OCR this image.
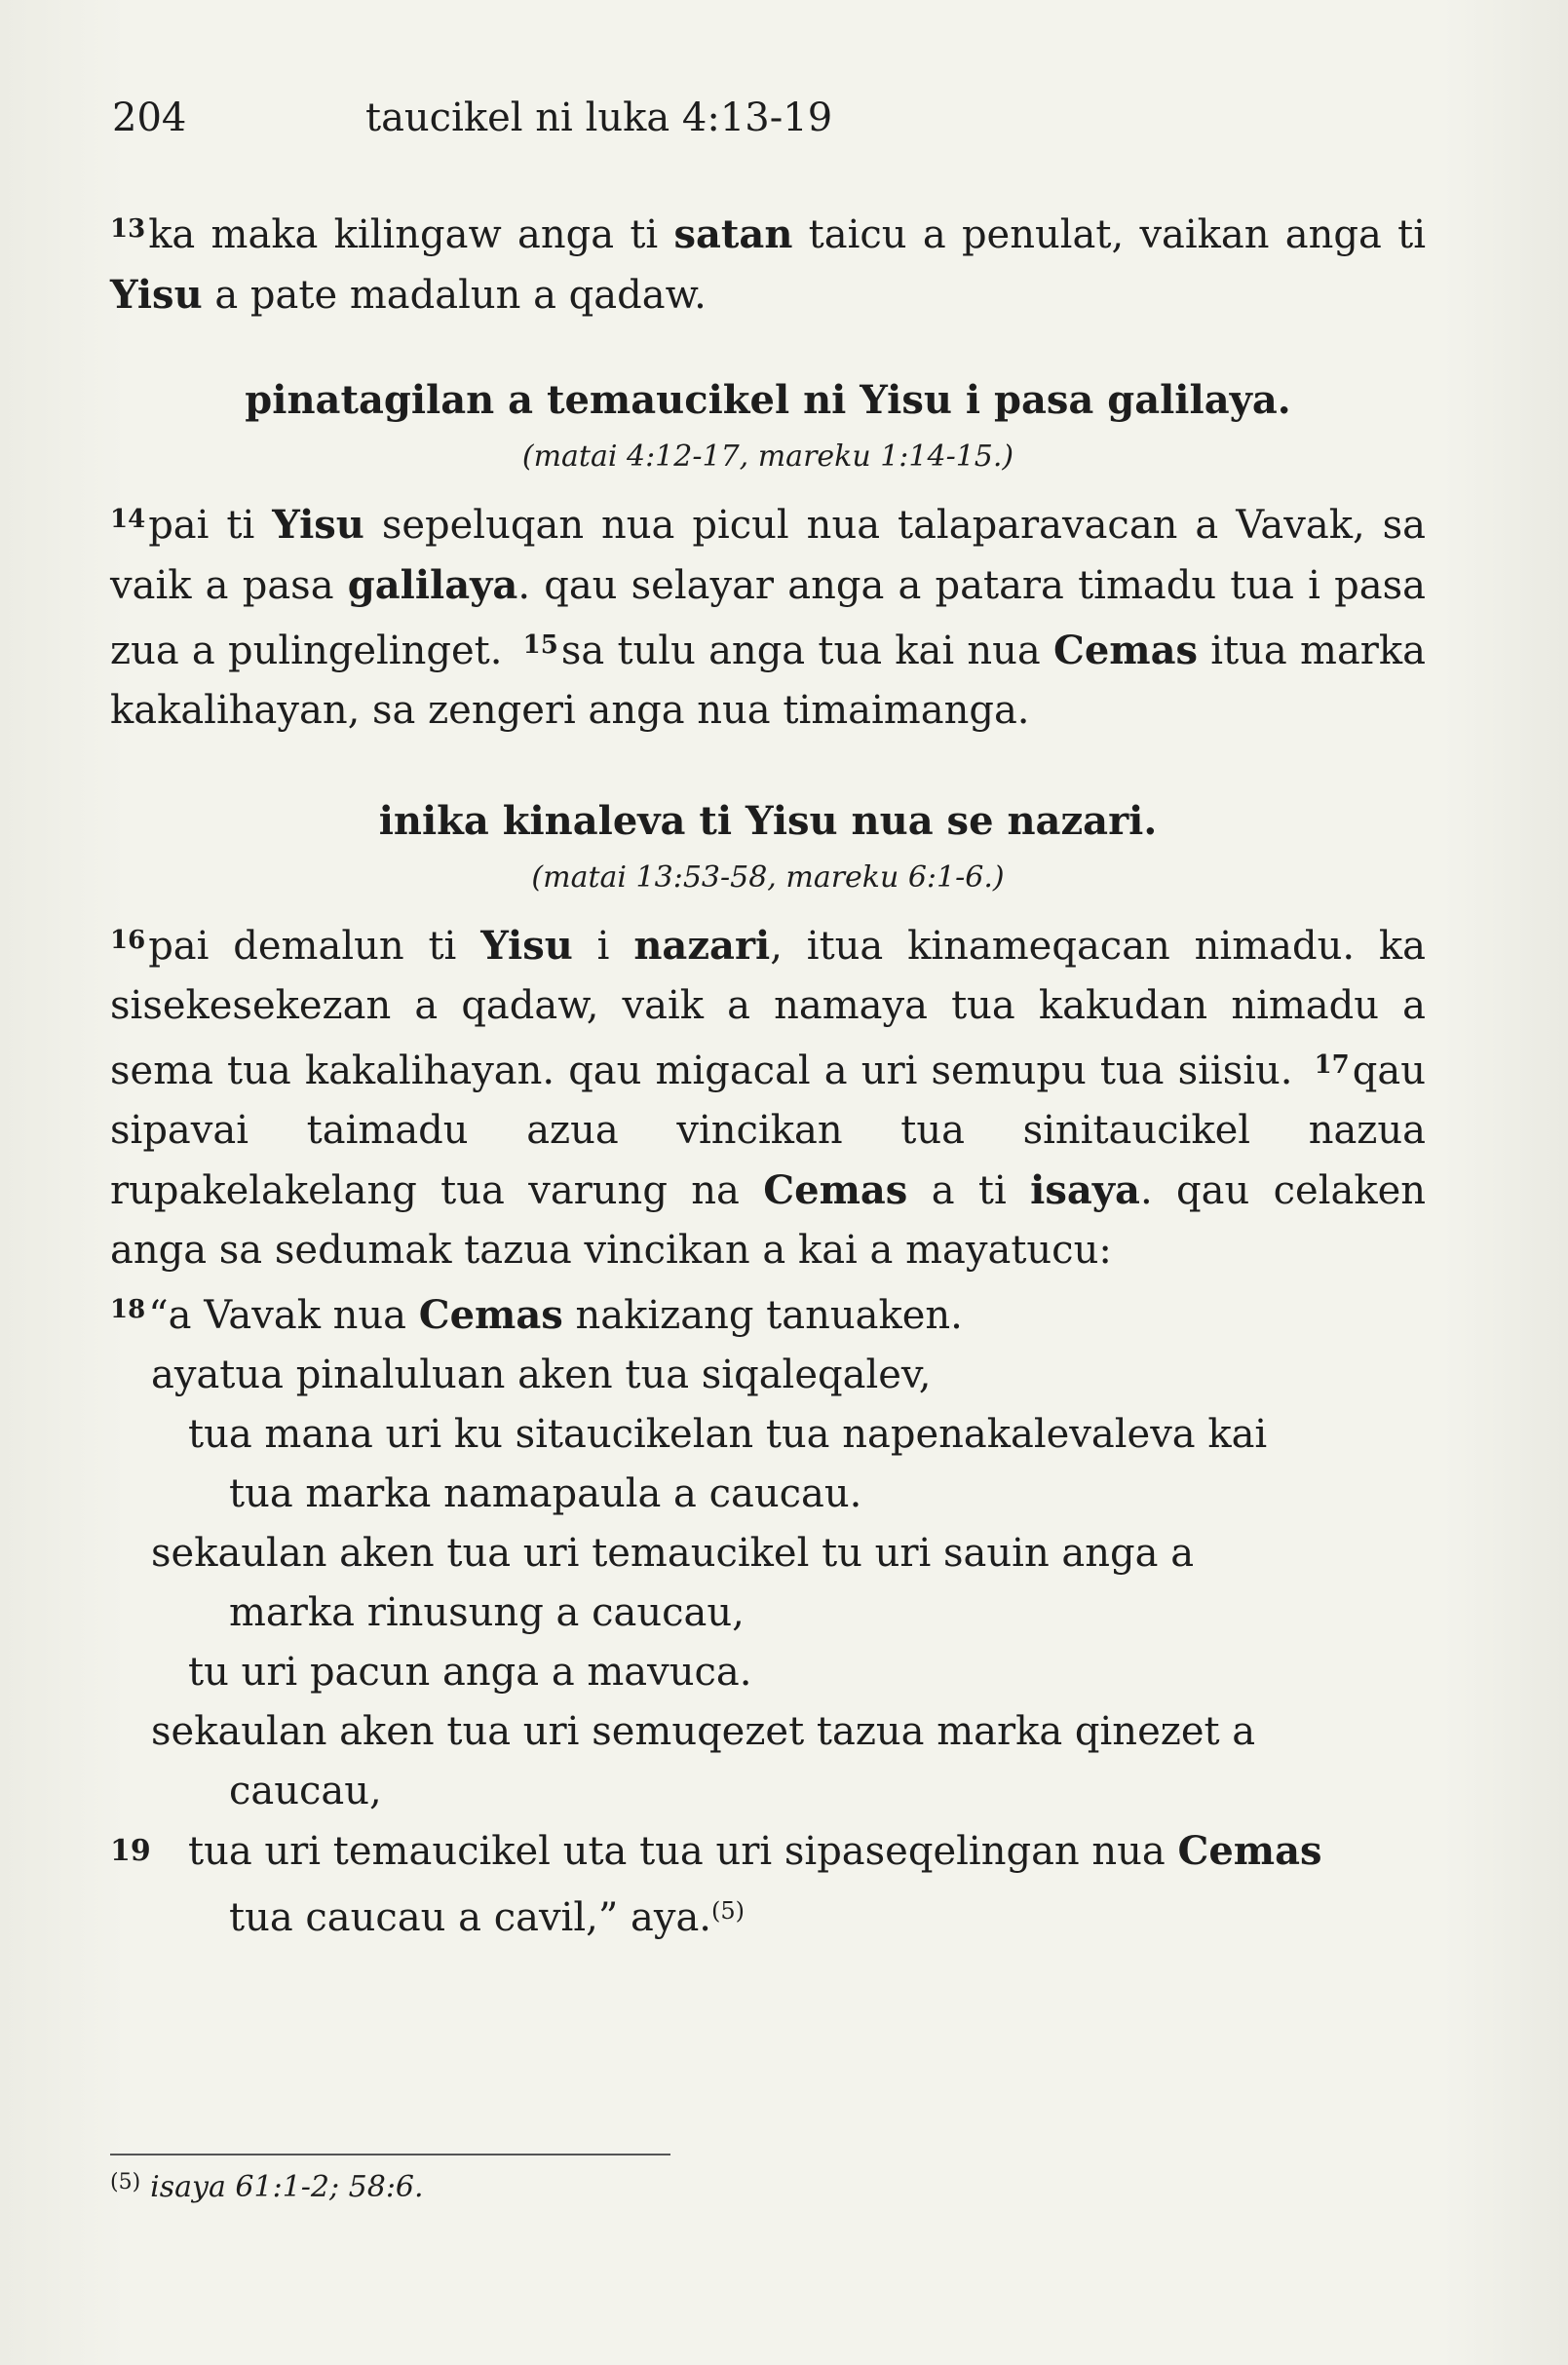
204	taucikel ni luka 4:13-19

$^{13}$ka maka kilingaw anga ti satan taicu a penulat, vaikan anga ti Yisu a pate madalun a qadaw.

pinatagilan a temaucikel ni Yisu i pasa galilaya.
(matai 4:12-17, mareku 1:14-15.)

$^{14}$pai ti Yisu sepeluqan nua picul nua talaparavacan a Vavak, sa vaik a pasa galilaya. qau selayar anga a patara timadu tua i pasa zua a pulingelinget. $^{15}$sa tulu anga tua kai nua Cemas itua marka kakalihayan, sa zengeri anga nua timaimanga.

inika kinaleva ti Yisu nua se nazari.
(matai 13:53-58, mareku 6:1-6.)

$^{16}$pai demalun ti Yisu i nazari, itua kinameqacan nimadu. ka sisekesekezan a qadaw, vaik a namaya tua kakudan nimadu a sema tua kakalihayan. qau migacal a uri semupu tua siisiu. $^{17}$qau sipavai taimadu azua vincikan tua sinitaucikel nazua rupakelakelang tua varung na Cemas a ti isaya. qau celaken anga sa sedumak tazua vincikan a kai a mayatucu:

$^{18}$“a Vavak nua Cemas nakizang tanuaken.

ayatua pinaluluan aken tua siqaleqalev,

tua mana uri ku sitaucikelan tua napenakalevaleva kai

tua marka namapaula a caucau.

sekaulan aken tua uri temaucikel tu uri sauin anga a

marka rinusung a caucau,

tu uri pacun anga a mavuca.

sekaulan aken tua uri semuqezet tazua marka qinezet a

caucau,

19 tua uri temaucikel uta tua uri sipaseqelingan nua Cemas

tua caucau a cavil,” aya.$^{(5)}$

$^{(5)}$ isaya 61:1-2; 58:6.
